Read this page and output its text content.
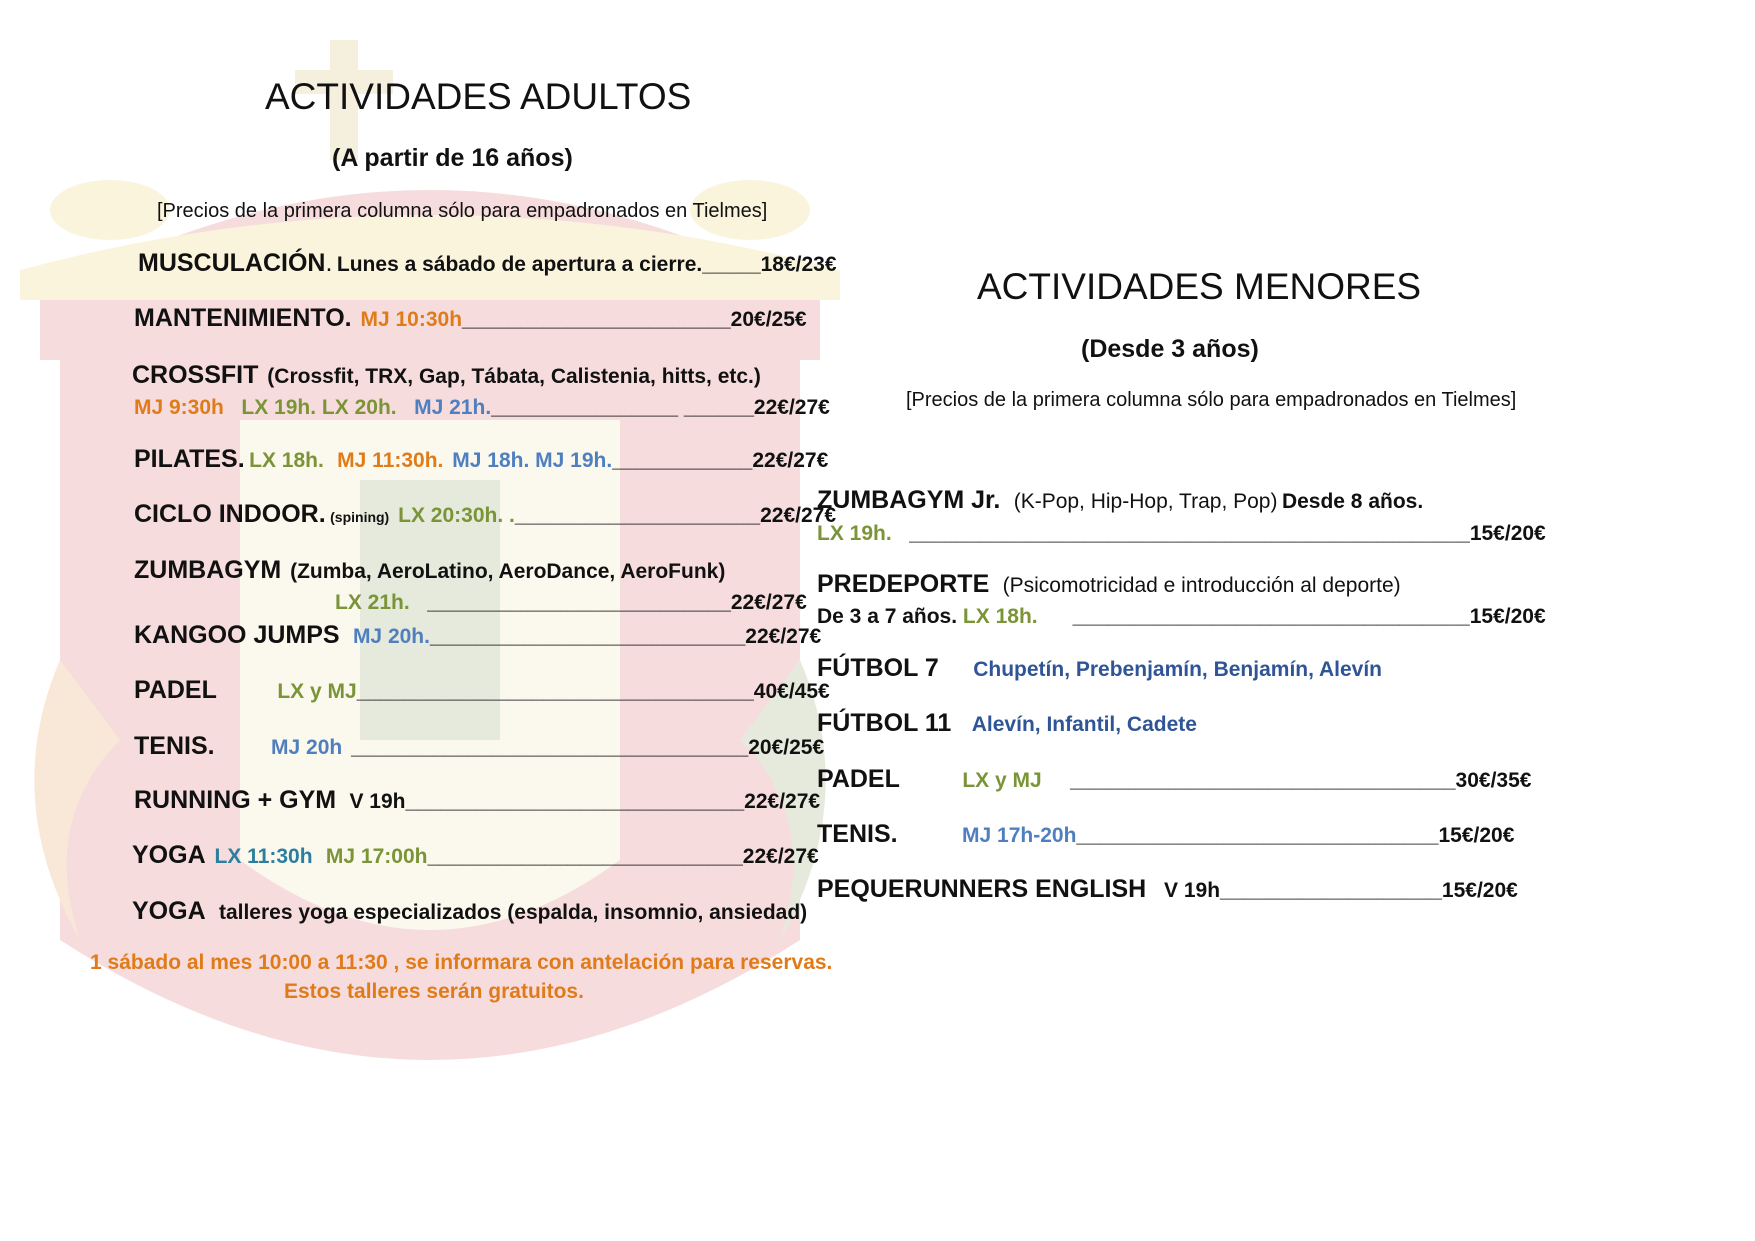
ACTIVIDADES ADULTOS
(A partir de 16 años)
[Precios de la primera columna sólo para empadronados en Tielmes]
MUSCULACIÓN. Lunes a sábado de apertura a cierre._____18€/23€
MANTENIMIENTO. MJ 10:30h_______________________20€/25€
CROSSFIT (Crossfit, TRX, Gap, Tábata, Calistenia, hitts, etc.)
MJ 9:30h LX 19h. LX 20h. MJ 21h.________________ ______22€/27€
PILATES. LX 18h. MJ 11:30h. MJ 18h. MJ 19h.____________22€/27€
CICLO INDOOR. (spining) LX 20:30h. ._____________________22€/27€
ZUMBAGYM (Zumba, AeroLatino, AeroDance, AeroFunk)
LX 21h. __________________________22€/27€
KANGOO JUMPS MJ 20h.___________________________22€/27€
PADEL	LX y MJ__________________________________40€/45€
TENIS.	MJ 20h __________________________________20€/25€
RUNNING + GYM V 19h_____________________________22€/27€
YOGA LX 11:30h MJ 17:00h___________________________22€/27€
YOGA talleres yoga especializados (espalda, insomnio, ansiedad)
1 sábado al mes 10:00 a 11:30 , se informara con antelación para reservas.
Estos talleres serán gratuitos.
ACTIVIDADES MENORES
(Desde 3 años)
[Precios de la primera columna sólo para empadronados en Tielmes]
ZUMBAGYM Jr. (K-Pop, Hip-Hop, Trap, Pop) Desde 8 años.
LX 19h. ________________________________________________15€/20€
PREDEPORTE (Psicomotricidad e introducción al deporte)
De 3 a 7 años. LX 18h. __________________________________15€/20€
FÚTBOL 7 Chupetín, Prebenjamín, Benjamín, Alevín
FÚTBOL 11 Alevín, Infantil, Cadete
PADEL	LX y MJ _________________________________30€/35€
TENIS.	MJ 17h-20h_______________________________15€/20€
PEQUERUNNERS ENGLISH V 19h___________________15€/20€
